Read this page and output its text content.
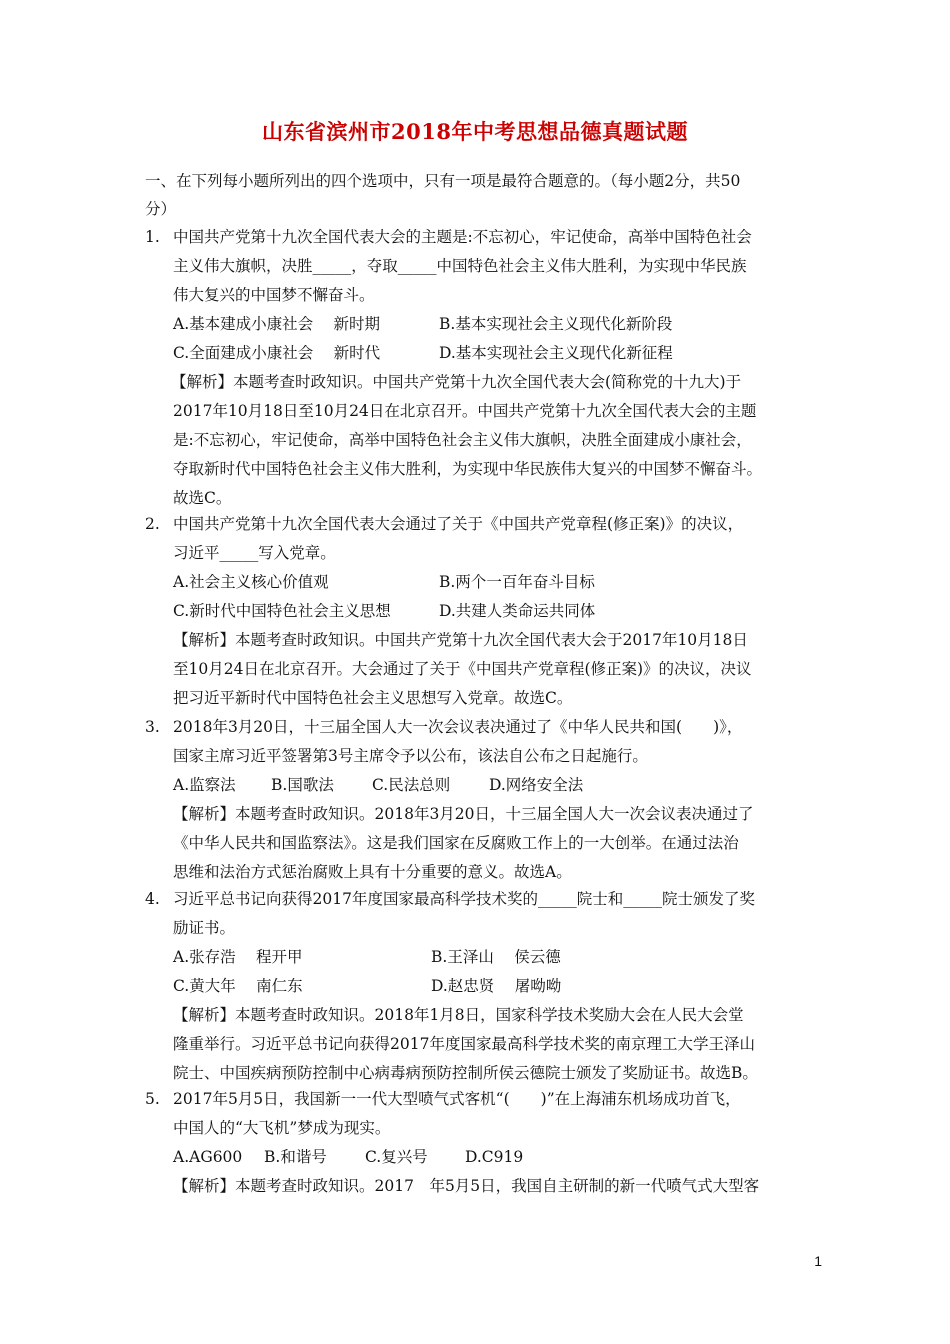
山东省滨州市2018年中考思想品德真题试题
一、在下列每小题所列出的四个选项中，只有一项是最符合题意的。（每小题2分，共50
分）
1. 中国共产党第十九次全国代表大会的主题是:不忘初心，牢记使命，高举中国特色社会
主义伟大旗帜，决胜_____，夺取_____中国特色社会主义伟大胜利，为实现中华民族
伟大复兴的中国梦不懈奋斗。
A.基本建成小康社会　 新时期	B.基本实现社会主义现代化新阶段
C.全面建成小康社会　 新时代	D.基本实现社会主义现代化新征程
【解析】本题考查时政知识。中国共产党第十九次全国代表大会(简称党的十九大)于
2017年10月18日至10月24日在北京召开。中国共产党第十九次全国代表大会的主题
是:不忘初心，牢记使命，高举中国特色社会主义伟大旗帜，决胜全面建成小康社会，
夺取新时代中国特色社会主义伟大胜利，为实现中华民族伟大复兴的中国梦不懈奋斗。
故选C。
2. 中国共产党第十九次全国代表大会通过了关于《中国共产党章程(修正案)》的决议，
习近平_____写入党章。
A.社会主义核心价值观	B.两个一百年奋斗目标
C.新时代中国特色社会主义思想	D.共建人类命运共同体
【解析】本题考查时政知识。中国共产党第十九次全国代表大会于2017年10月18日
至10月24日在北京召开。大会通过了关于《中国共产党章程(修正案)》的决议，决议
把习近平新时代中国特色社会主义思想写入党章。故选C。
3. 2018年3月20日，十三届全国人大一次会议表决通过了《中华人民共和国(　　)》，
国家主席习近平签署第3号主席令予以公布，该法自公布之日起施行。
A.监察法 B.国歌法 C.民法总则	D.网络安全法
【解析】本题考查时政知识。2018年3月20日，十三届全国人大一次会议表决通过了
《中华人民共和国监察法》。这是我们国家在反腐败工作上的一大创举。在通过法治
思维和法治方式惩治腐败上具有十分重要的意义。故选A。
4. 习近平总书记向获得2017年度国家最高科学技术奖的_____院士和_____院士颁发了奖
励证书。
A.张存浩　 程开甲	B.王泽山　 侯云德
C.黄大年　 南仁东	D.赵忠贤　 屠呦呦
【解析】本题考查时政知识。2018年1月8日，国家科学技术奖励大会在人民大会堂
隆重举行。习近平总书记向获得2017年度国家最高科学技术奖的南京理工大学王泽山
院士、中国疾病预防控制中心病毒病预防控制所侯云德院士颁发了奖励证书。故选B。
5. 2017年5月5日，我国新一一代大型喷气式客机“(　　)”在上海浦东机场成功首飞，
中国人的“大飞机”梦成为现实。
A.AG600 B.和谐号 C.复兴号 D.C919
【解析】本题考查时政知识。2017　年5月5日，我国自主研制的新一代喷气式大型客
1
